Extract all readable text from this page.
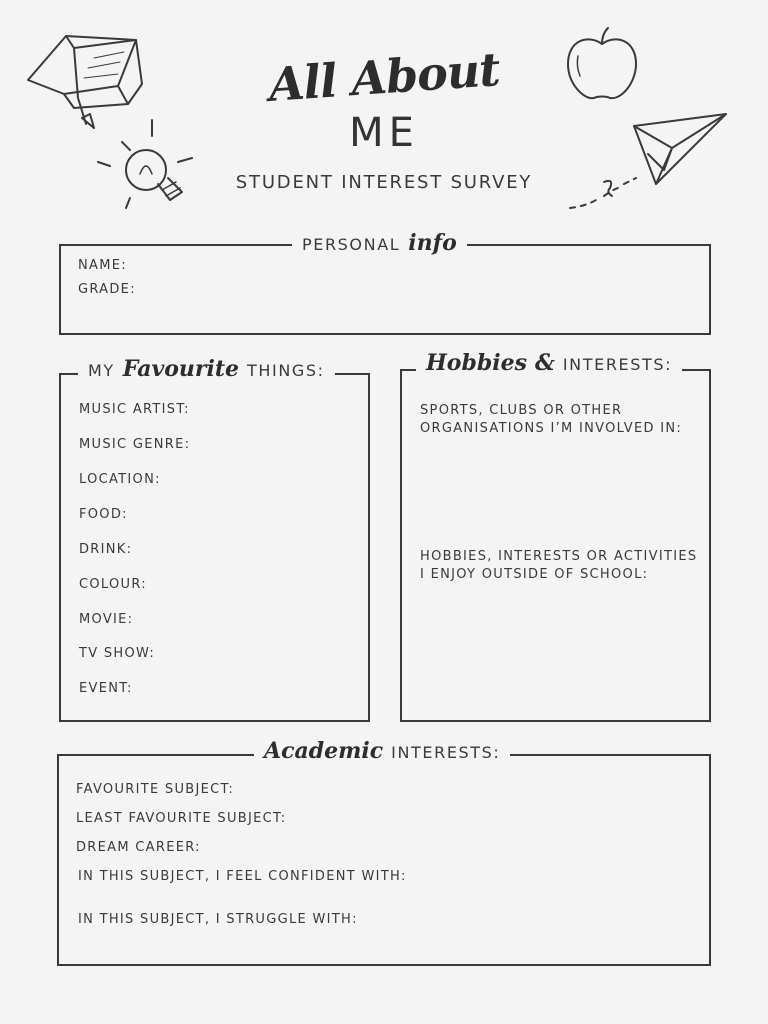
All About
ME
STUDENT INTEREST SURVEY
PERSONAL info
NAME:
GRADE:
MY Favourite THINGS:
MUSIC ARTIST:
MUSIC GENRE:
LOCATION:
FOOD:
DRINK:
COLOUR:
MOVIE:
TV SHOW:
EVENT:
Hobbies & INTERESTS:
SPORTS, CLUBS OR OTHER ORGANISATIONS I’M INVOLVED IN:
HOBBIES, INTERESTS OR ACTIVITIES I ENJOY OUTSIDE OF SCHOOL:
Academic INTERESTS:
FAVOURITE SUBJECT:
LEAST FAVOURITE SUBJECT:
DREAM CAREER:
IN THIS SUBJECT, I FEEL CONFIDENT WITH:
IN THIS SUBJECT, I STRUGGLE WITH:
